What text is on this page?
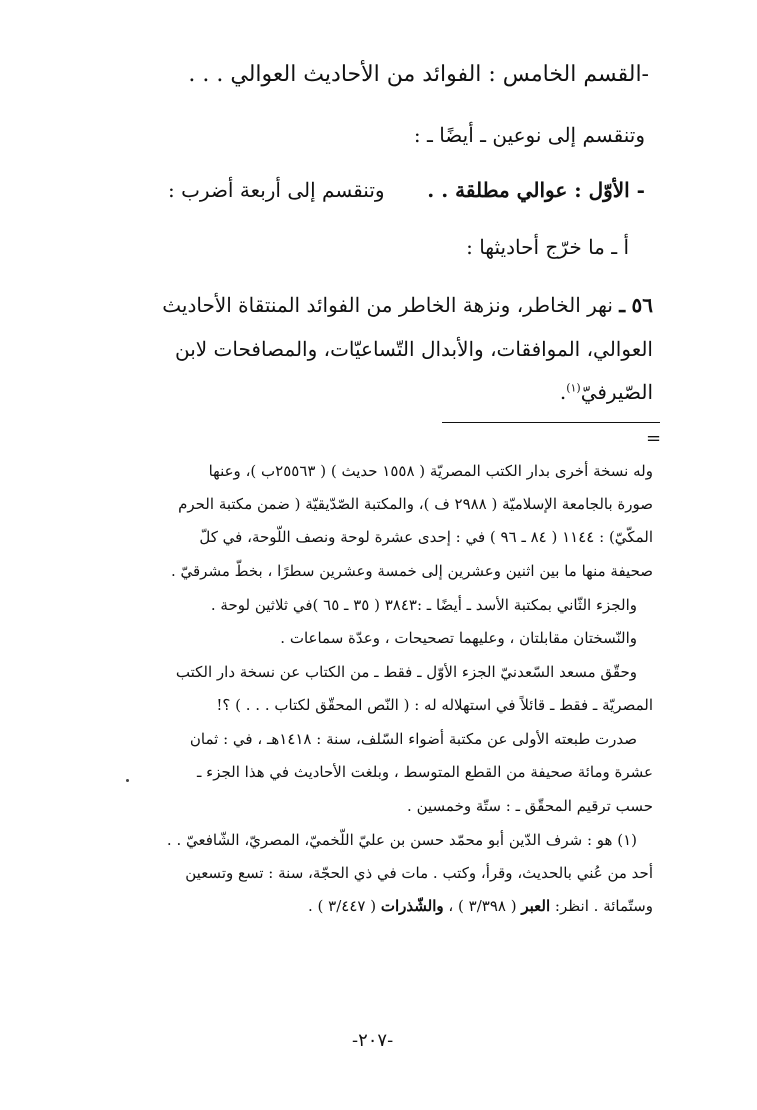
-القسم الخامس : الفوائد من الأحاديث العوالي . . .
وتنقسم إلى نوعين ـ أيضًا ـ :
- الأوّل : عوالي مطلقة . .  وتنقسم إلى أربعة أضرب :
أ ـ ما خرّج أحاديثها :
٥٦ ـ نهر الخاطر، ونزهة الخاطر من الفوائد المنتقاة الأحاديث
العوالي، الموافقات، والأبدال التّساعيّات، والمصافحات لابن
الصّيرفيّ$^{(١)}$.
=
وله نسخة أخرى بدار الكتب المصريّة ( ١٥٥٨ حديث ) ( ٢٥٥٦٣ب )، وعنها
صورة بالجامعة الإسلاميّة ( ٢٩٨٨ ف )، والمكتبة الصّدّيقيّة ( ضمن مكتبة الحرم
المكّيّ) : ١١٤٤ ( ٨٤ ـ ٩٦ ) في : إحدى عشرة لوحة ونصف اللّوحة، في كلّ
صحيفة منها ما بين اثنين وعشرين إلى خمسة وعشرين سطرًا ، بخطّ مشرقيّ .
والجزء الثّاني بمكتبة الأسد ـ أيضًا ـ :٣٨٤٣ ( ٣٥ ـ ٦٥ )في ثلاثين لوحة .
والنّسختان مقابلتان ، وعليهما تصحيحات ، وعدّة سماعات .
وحقّق مسعد السّعدنيّ الجزء الأوّل ـ فقط ـ من الكتاب عن نسخة دار الكتب
المصريّة ـ فقط ـ قائلاً في استهلاله له : ( النّص المحقّق لكتاب . . . ) ؟!
صدرت طبعته الأولى عن مكتبة أضواء السّلف، سنة : ١٤١٨هـ ، في : ثمان
عشرة ومائة صحيفة من القطع المتوسط ، وبلغت الأحاديث في هذا الجزء ـ
حسب ترقيم المحقّق ـ : ستّة وخمسين .
(١) هو : شرف الدّين أبو محمّد حسن بن عليّ اللّخميّ، المصريّ، الشّافعيّ . .
أحد من عُني بالحديث، وقرأ، وكتب . مات في ذي الحجّة، سنة : تسع وتسعين
وستّمائة . انظر: العبر ( ٣/٣٩٨ ) ، والشّذرات ( ٣/٤٤٧ ) .
-٢٠٧-
